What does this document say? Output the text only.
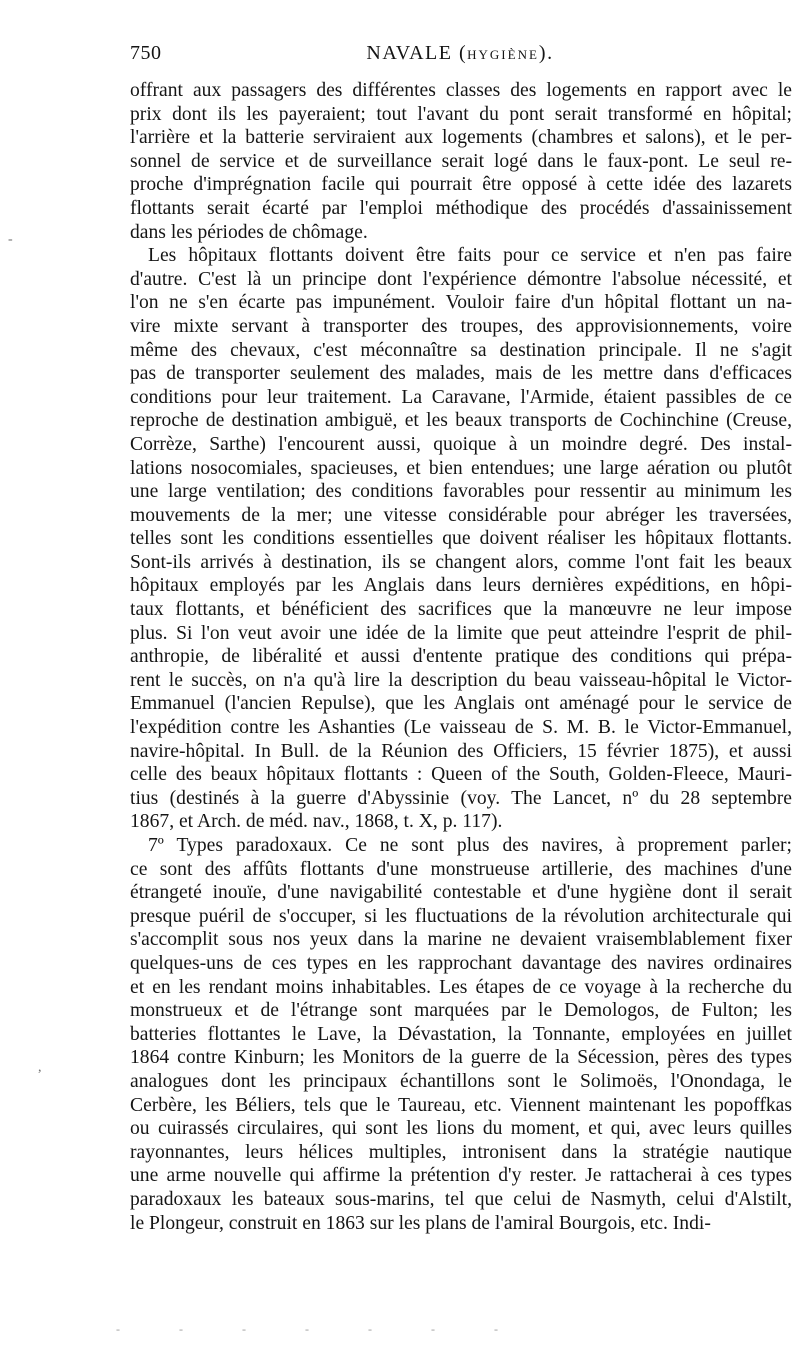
750	NAVALE (HYGIÈNE).
offrant aux passagers des différentes classes des logements en rapport avec le
prix dont ils les payeraient; tout l'avant du pont serait transformé en hôpital;
l'arrière et la batterie serviraient aux logements (chambres et salons), et le per-
sonnel de service et de surveillance serait logé dans le faux-pont. Le seul re-
proche d'imprégnation facile qui pourrait être opposé à cette idée des lazarets
flottants serait écarté par l'emploi méthodique des procédés d'assainissement
dans les périodes de chômage.
Les hôpitaux flottants doivent être faits pour ce service et n'en pas faire
d'autre. C'est là un principe dont l'expérience démontre l'absolue nécessité, et
l'on ne s'en écarte pas impunément. Vouloir faire d'un hôpital flottant un na-
vire mixte servant à transporter des troupes, des approvisionnements, voire
même des chevaux, c'est méconnaître sa destination principale. Il ne s'agit
pas de transporter seulement des malades, mais de les mettre dans d'efficaces
conditions pour leur traitement. La Caravane, l'Armide, étaient passibles de ce
reproche de destination ambiguë, et les beaux transports de Cochinchine (Creuse,
Corrèze, Sarthe) l'encourent aussi, quoique à un moindre degré. Des instal-
lations nosocomiales, spacieuses, et bien entendues; une large aération ou plutôt
une large ventilation; des conditions favorables pour ressentir au minimum les
mouvements de la mer; une vitesse considérable pour abréger les traversées,
telles sont les conditions essentielles que doivent réaliser les hôpitaux flottants.
Sont-ils arrivés à destination, ils se changent alors, comme l'ont fait les beaux
hôpitaux employés par les Anglais dans leurs dernières expéditions, en hôpi-
taux flottants, et bénéficient des sacrifices que la manœuvre ne leur impose
plus. Si l'on veut avoir une idée de la limite que peut atteindre l'esprit de phil-
anthropie, de libéralité et aussi d'entente pratique des conditions qui prépa-
rent le succès, on n'a qu'à lire la description du beau vaisseau-hôpital le Victor-
Emmanuel (l'ancien Repulse), que les Anglais ont aménagé pour le service de
l'expédition contre les Ashanties (Le vaisseau de S. M. B. le Victor-Emmanuel,
navire-hôpital. In Bull. de la Réunion des Officiers, 15 février 1875), et aussi
celle des beaux hôpitaux flottants : Queen of the South, Golden-Fleece, Mauri-
tius (destinés à la guerre d'Abyssinie (voy. The Lancet, nº du 28 septembre
1867, et Arch. de méd. nav., 1868, t. X, p. 117).
7º Types paradoxaux. Ce ne sont plus des navires, à proprement parler;
ce sont des affûts flottants d'une monstrueuse artillerie, des machines d'une
étrangeté inouïe, d'une navigabilité contestable et d'une hygiène dont il serait
presque puéril de s'occuper, si les fluctuations de la révolution architecturale qui
s'accomplit sous nos yeux dans la marine ne devaient vraisemblablement fixer
quelques-uns de ces types en les rapprochant davantage des navires ordinaires
et en les rendant moins inhabitables. Les étapes de ce voyage à la recherche du
monstrueux et de l'étrange sont marquées par le Demologos, de Fulton; les
batteries flottantes le Lave, la Dévastation, la Tonnante, employées en juillet
1864 contre Kinburn; les Monitors de la guerre de la Sécession, pères des types
analogues dont les principaux échantillons sont le Solimoës, l'Onondaga, le
Cerbère, les Béliers, tels que le Taureau, etc. Viennent maintenant les popoffkas
ou cuirassés circulaires, qui sont les lions du moment, et qui, avec leurs quilles
rayonnantes, leurs hélices multiples, intronisent dans la stratégie nautique
une arme nouvelle qui affirme la prétention d'y rester. Je rattacherai à ces types
paradoxaux les bateaux sous-marins, tel que celui de Nasmyth, celui d'Alstilt,
le Plongeur, construit en 1863 sur les plans de l'amiral Bourgois, etc. Indi-
-
,
- - - - - - -
